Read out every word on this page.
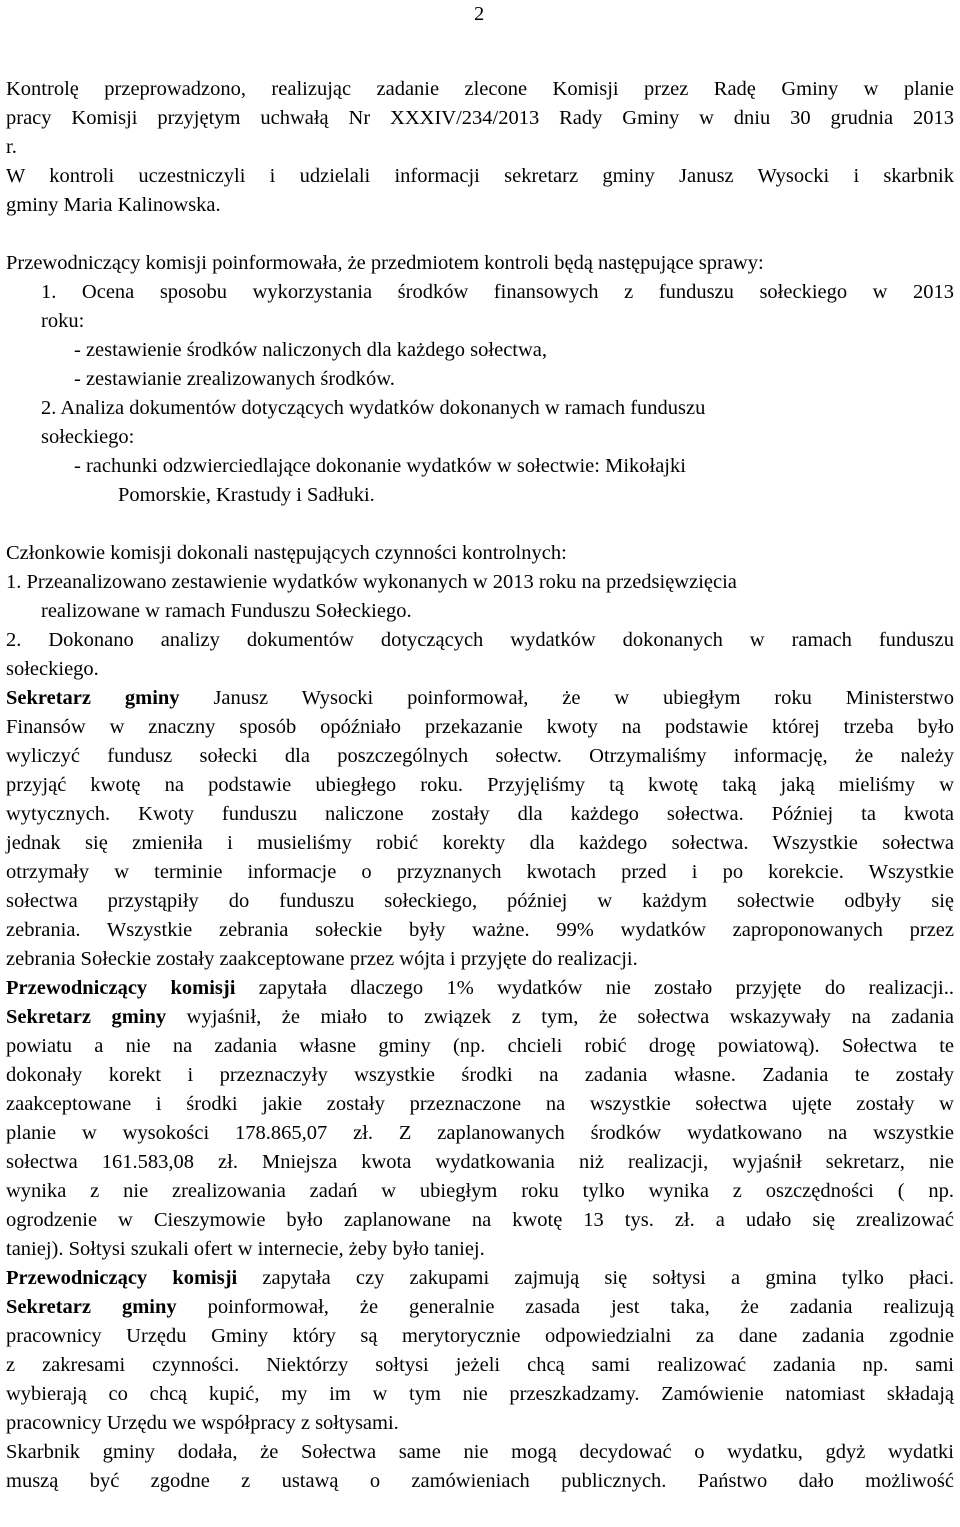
2
Kontrolę przeprowadzono, realizując zadanie zlecone Komisji przez Radę Gminy w planie
pracy Komisji przyjętym uchwałą Nr XXXIV/234/2013 Rady Gminy w dniu 30 grudnia 2013
r.
W kontroli uczestniczyli i udzielali informacji sekretarz gminy Janusz Wysocki i skarbnik
gminy Maria Kalinowska.
Przewodniczący komisji poinformowała, że przedmiotem kontroli będą następujące sprawy:
1. Ocena sposobu wykorzystania środków finansowych z funduszu sołeckiego w 2013
roku:
- zestawienie środków naliczonych dla każdego sołectwa,
- zestawianie zrealizowanych środków.
2. Analiza dokumentów dotyczących wydatków dokonanych w ramach funduszu
sołeckiego:
- rachunki odzwierciedlające dokonanie wydatków w sołectwie: Mikołajki
Pomorskie, Krastudy i Sadłuki.
Członkowie komisji dokonali następujących czynności kontrolnych:
1. Przeanalizowano zestawienie wydatków wykonanych w 2013 roku na przedsięwzięcia
realizowane w ramach Funduszu Sołeckiego.
2. Dokonano analizy dokumentów dotyczących wydatków dokonanych w ramach funduszu
sołeckiego.
Sekretarz gminy Janusz Wysocki poinformował, że w ubiegłym roku Ministerstwo
Finansów w znaczny sposób opóźniało przekazanie kwoty na podstawie której trzeba było
wyliczyć fundusz sołecki dla poszczególnych sołectw. Otrzymaliśmy informację, że należy
przyjąć kwotę na podstawie ubiegłego roku. Przyjęliśmy tą kwotę taką jaką mieliśmy w
wytycznych. Kwoty funduszu naliczone zostały dla każdego sołectwa. Później ta kwota
jednak się zmieniła i musieliśmy robić korekty dla każdego sołectwa. Wszystkie sołectwa
otrzymały w terminie informacje o przyznanych kwotach przed i po korekcie. Wszystkie
sołectwa przystąpiły do funduszu sołeckiego, później w każdym sołectwie odbyły się
zebrania. Wszystkie zebrania sołeckie były ważne. 99% wydatków zaproponowanych przez
zebrania Sołeckie zostały zaakceptowane przez wójta i przyjęte do realizacji.
Przewodniczący komisji zapytała dlaczego 1% wydatków nie zostało przyjęte do realizacji..
Sekretarz gminy wyjaśnił, że miało to związek z tym, że sołectwa wskazywały na zadania
powiatu a nie na zadania własne gminy (np. chcieli robić drogę powiatową). Sołectwa te
dokonały korekt i przeznaczyły wszystkie środki na zadania własne. Zadania te zostały
zaakceptowane i środki jakie zostały przeznaczone na wszystkie sołectwa ujęte zostały w
planie w wysokości 178.865,07 zł. Z zaplanowanych środków wydatkowano na wszystkie
sołectwa 161.583,08 zł. Mniejsza kwota wydatkowania niż realizacji, wyjaśnił sekretarz, nie
wynika z nie zrealizowania zadań w ubiegłym roku tylko wynika z oszczędności ( np.
ogrodzenie w Cieszymowie było zaplanowane na kwotę 13 tys. zł. a udało się zrealizować
taniej). Sołtysi szukali ofert w internecie, żeby było taniej.
Przewodniczący komisji zapytała czy zakupami zajmują się sołtysi a gmina tylko płaci.
Sekretarz gminy poinformował, że generalnie zasada jest taka, że zadania realizują
pracownicy Urzędu Gminy który są merytorycznie odpowiedzialni za dane zadania zgodnie
z zakresami czynności. Niektórzy sołtysi jeżeli chcą sami realizować zadania np. sami
wybierają co chcą kupić, my im w tym nie przeszkadzamy. Zamówienie natomiast składają
pracownicy Urzędu we współpracy z sołtysami.
Skarbnik gminy dodała, że Sołectwa same nie mogą decydować o wydatku, gdyż wydatki
muszą być zgodne z ustawą o zamówieniach publicznych. Państwo dało możliwość
